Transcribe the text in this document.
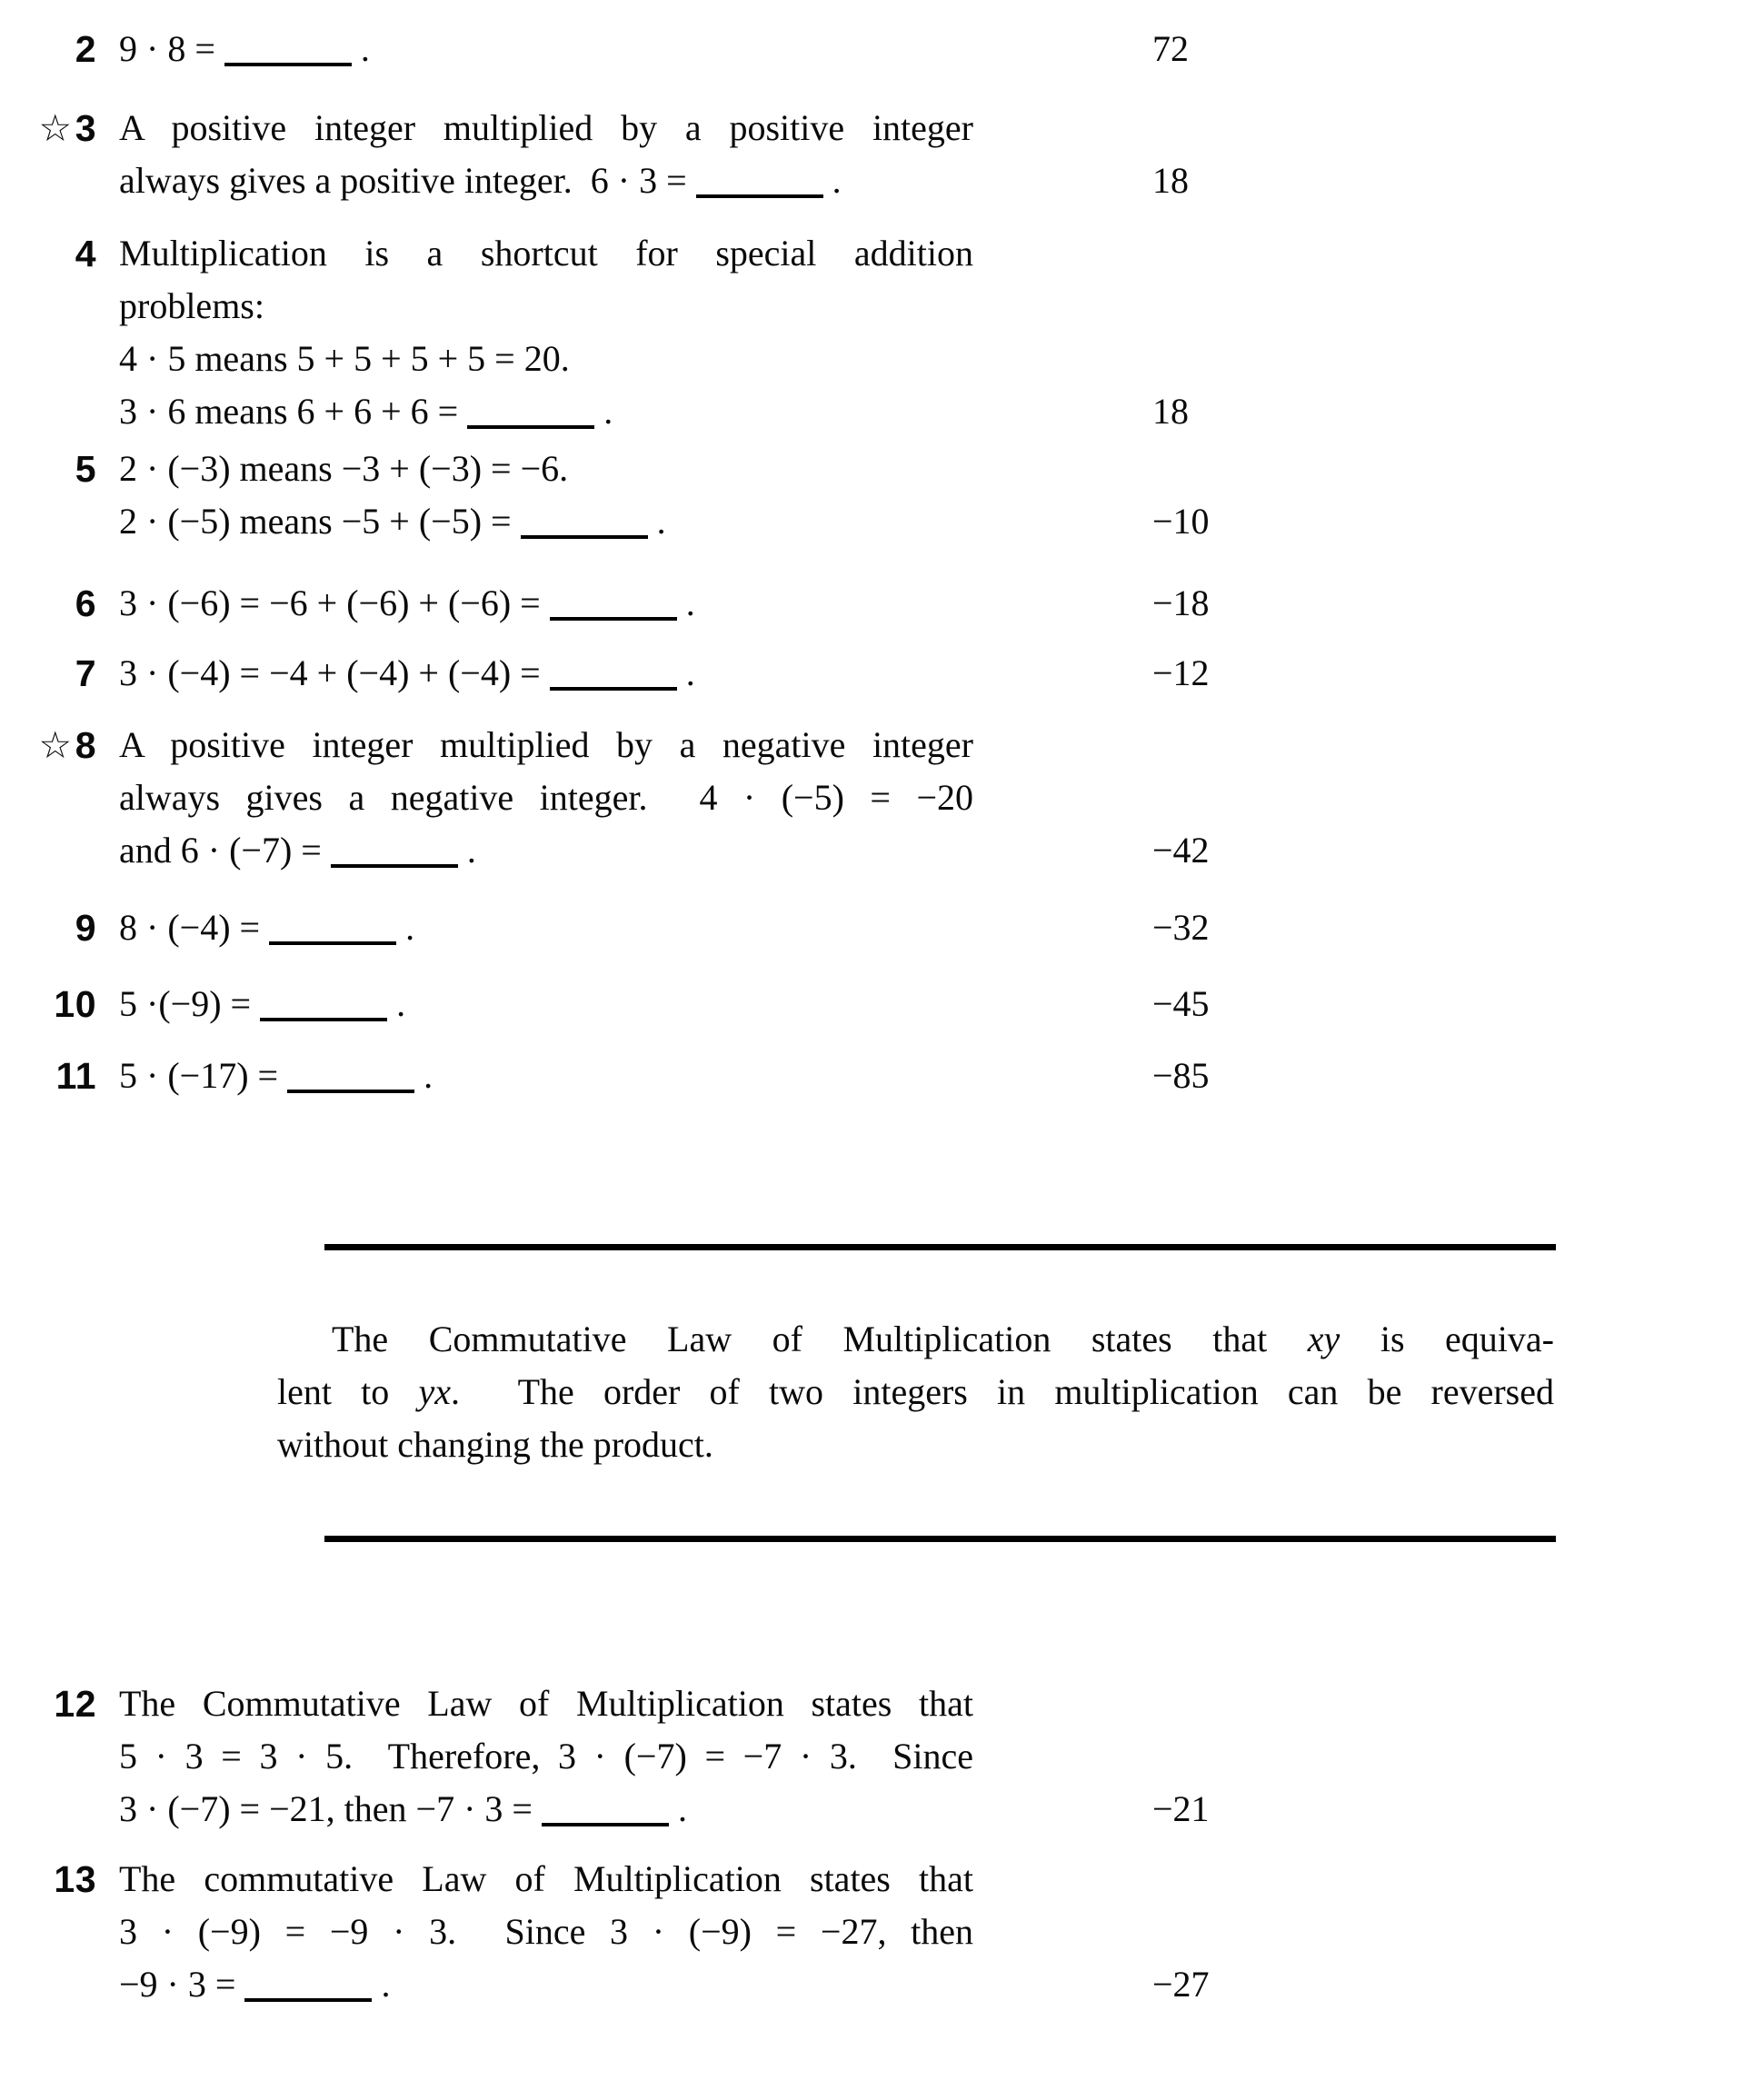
2 9 · 8 =	.	72
☆3 A positive integer multiplied by a positive integer
always gives a positive integer.  6 · 3 =	.	18
4 Multiplication is a shortcut for special addition
problems:
4 · 5 means 5 + 5 + 5 + 5 = 20.
3 · 6 means 6 + 6 + 6 =	.	18
5 2 · (−3) means −3 + (−3) = −6.
2 · (−5) means −5 + (−5) =	.	−10
6 3 · (−6) = −6 + (−6) + (−6) =	.	−18
7 3 · (−4) = −4 + (−4) + (−4) =	.	−12
☆8 A positive integer multiplied by a negative integer
always gives a negative integer.  4 · (−5) = −20
and 6 · (−7) =	.	−42
9 8 · (−4) =	.	−32
10 5 ·(−9) =	.	−45
11 5 · (−17) =	.	−85
12 The Commutative Law of Multiplication states that
5 · 3 = 3 · 5.  Therefore, 3 · (−7) = −7 · 3.  Since
3 · (−7) = −21, then −7 · 3 =	.	−21
13 The commutative Law of Multiplication states that
3 · (−9) = −9 · 3.  Since 3 · (−9) = −27, then
−9 · 3 =	.	−27
The Commutative Law of Multiplication states that xy is equiva-
lent to yx.  The order of two integers in multiplication can be reversed
without changing the product.
